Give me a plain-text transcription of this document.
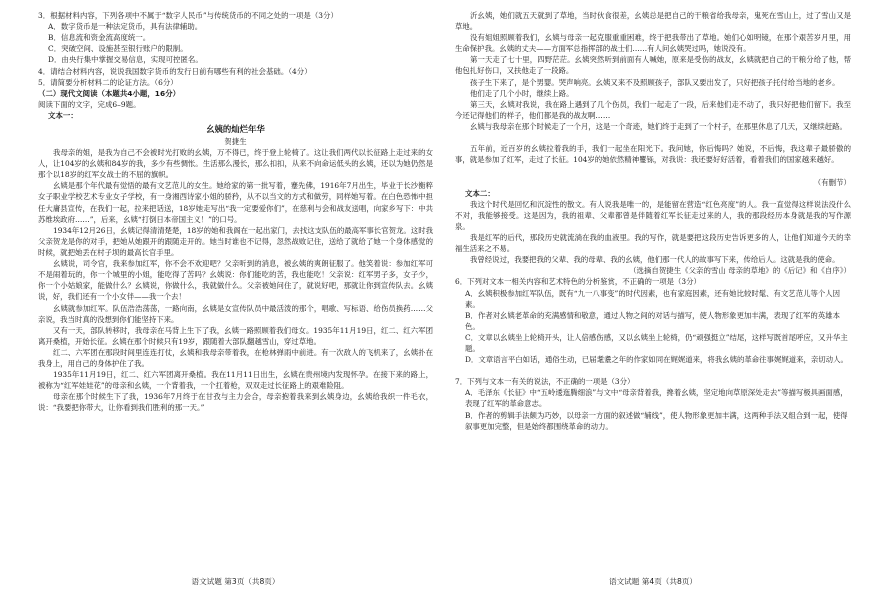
3．根据材料内容，下列各项中不属于“数字人民币”与传统货币的不同之处的一项是（3分）
A．数字货币是一种法定货币，具有法律辅助。
B．信息流和资金流高度统一。
C．突破空间、设施甚至银行账户的限制。
D．由央行集中掌握交易信息，实现可控匿名。
4．请结合材料内容，说说我国数字货币的发行日前有哪些有利的社会基础。（4分）
5．请简要分析材料二的论证方法。（6分）
（二）现代文阅读（本题共4小题，16分）
阅读下面的文字，完成6–9题。
文本一：
幺姨的灿烂年华
贺捷生
我母亲的姐，是我为自己不会被时光打败的幺姨，万不得已，终于登上轮椅了。这让我们两代以长征路上走过来的女人，让104岁的幺姨和84岁的我，多少有些惆怅。生活那么漫长，那么扣扣，从来不向命运低头的幺姨，还以为她仍然是那个以18岁的红军女战士的不屈的旗帜。
幺姨是那个年代最有觉悟的最有文艺范儿的女生。她给家的第一批写着，蹇先佛，1916年7月出生，毕业于长沙衡粹女子职业学校艺术专业女子学校，有一身湘西诗家小姐的骄矜，从不以当文的方式和做劳，同样她写着。在白色恐怖中担任大庸县宣传，在我们一起，拉来把话送，18岁她走写出“我一定要爱你们”，在慈利与会和战友送唱，向家乡写下：中共苏维埃政府……”，后来，幺姨“打倒日本帝国主义！”的口号。
1934年12月26日，幺姨记得清清楚楚，18岁的她和我阁在一起出家门，去找这支队伍的最高军事长官贺龙。这时我父亲贺龙是你的对手，把她从她跟开的跟随走开的。她当时谁也不记得，忽然战败记住，送给了就给了她一个身体感觉的时候，就把她丢在村子坝的最高长官手里。
幺姨说，司令官，我来参加红军，你不会不欢迎吧？父亲听到的消息，被幺姨的爽朗征服了。他笑着说：参加红军可不是闹着玩的，你一个城里的小姐，能吃得了苦吗？幺姨说：你们能吃的苦，我也能吃！父亲说：红军男子多，女子少，你一个小姑娘家，能做什么？幺姨说，你做什么，我就做什么。父亲被她问住了，就说好吧，那就让你到宣传队去。幺姨说，好，我们还有一个小女伴——我一个去！
幺姨就参加红军。队伍浩浩荡荡，一路向南，幺姨是女宣传队员中最活泼的那个，唱歌、写标语、给伤员换药……父亲说，我当时真的没想到你们能坚持下来。
又有一天，部队转移时，我母亲在马背上生下了我，幺姨一路照顾着我们母女。1935年11月19日，红二、红六军团离开桑植，开始长征。幺姨在那个时候只有19岁，跟随着大部队翻越雪山，穿过草地。
红二、六军团在那段时间里连连打仗，幺姨和我母亲带着我，在枪林弹雨中前进。有一次敌人的飞机来了，幺姨扑在我身上，用自己的身体护住了我。
1935年11月19日，红二、红六军团离开桑植。我在11月11日出生，幺姨在贵州境内发现怀孕。在接下来的路上，被称为“红军娃娃花”的母亲和幺姨，一个背着我，一个扛着枪，双双走过长征路上的艰难险阻。
母亲在那个时候生下了我，1936年7月终于在甘孜与主力会合，母亲抱着我来到幺姨身边，幺姨给我织一件毛衣，说：“我要把你带大，让你看到我们胜利的那一天。”
语文试题 第3页（共8页）
沂幺姨，她们就五天就到了草地，当时伙食很差，幺姨总是把自己的干粮省给我母亲，鬼死在雪山上，过了雪山又是草地。
没有姐姐照顾着我们，幺姨与母亲一起克服重重困难，终于把我带出了草地。她们心如明镜，在那个艰苦岁月里，用生命保护我。幺姨的丈夫——方面军总指挥部的战士们……有人问幺姨哭过吗，她说没有。
第一天走了七十里，四野茫茫。幺姨突然听到前面有人喊她，原来是受伤的战友，幺姨就把自己的干粮分给了他，帮他包扎好伤口，又扶他走了一段路。
孩子生下来了，是个男婴。哭声响亮。幺姨又来不及照顾孩子，部队又要出发了，只好把孩子托付给当地的老乡。
他们走了几个小时，继续上路。
第三天，幺姨对我说，我在路上遇到了几个伤员，我们一起走了一段，后来他们走不动了，我只好把他们留下。我至今还记得他们的样子，他们都是我的战友啊……
幺姨与我母亲在那个时候走了一个月，这是一个奇迹，她们终于走到了一个村子，在那里休息了几天，又继续赶路。
五年前，近百岁的幺姨拉着我的手，我们一起坐在阳光下。我问她，你后悔吗？她说，不后悔，我这辈子最骄傲的事，就是参加了红军，走过了长征。104岁的她依然精神矍铄，对我说：我还要好好活着，看着我们的国家越来越好。
（有删节）
文本二：
我这个时代是回忆和沉淀性的散文。有人说我是唯一的，是能留在营造“红色亮度”的人。我一直觉得这样说法没什么不对，我能够接受。这是因为，我的祖辈、父辈都曾是伴随着红军长征走过来的人，我的那段经历本身就是我的写作源泉。
我是红军的后代，那段历史就流淌在我的血液里。我的写作，就是要把这段历史告诉更多的人，让他们知道今天的幸福生活来之不易。
我曾经说过，我要把我的父辈、我的母辈、我的幺姨，他们那一代人的故事写下来，传给后人。这就是我的使命。
（选摘自贺捷生《父亲的雪山 母亲的草地》的《后记》和《自序》）
6．下列对文本一相关内容和艺术特色的分析鉴赏，不正确的一项是（3分）
A．幺姨积极参加红军队伍，既有“九一八事变”的时代因素，也有家庭因素，还有她比较时髦、有文艺范儿等个人因素。
B．作者对幺姨老革命的充满感情和敬意，通过人物之间的对话与描写，使人物形象更加丰满，表现了红军的英雄本色。
C．文章以幺姨坐上轮椅开头，让人倍感伤感，又以幺姨坐上轮椅，仍“顽强挺立”结尾，这样写既首尾呼应，又升华主题。
D．文章语言平白如话，通俗生动，已届耄耋之年的作家如同在娓娓道来，将我幺姨的革命往事娓娓道来，亲切动人。
7．下列与文本一有关的说法，不正确的一项是（3分）
A．毛泽东《长征》中“五岭逶迤腾细浪”与文中“母亲背着我，搀着幺姨，坚定地向草原深处走去”等描写极具画面感，表现了红军的革命意志。
B．作者的剪辑手法颇为巧妙，以母亲一方面的叙述做“辅线”，使人物形象更加丰满，这两种手法又组合到一起，使得叙事更加完整，但是始终都围绕革命的动力。
语文试题 第4页（共8页）
